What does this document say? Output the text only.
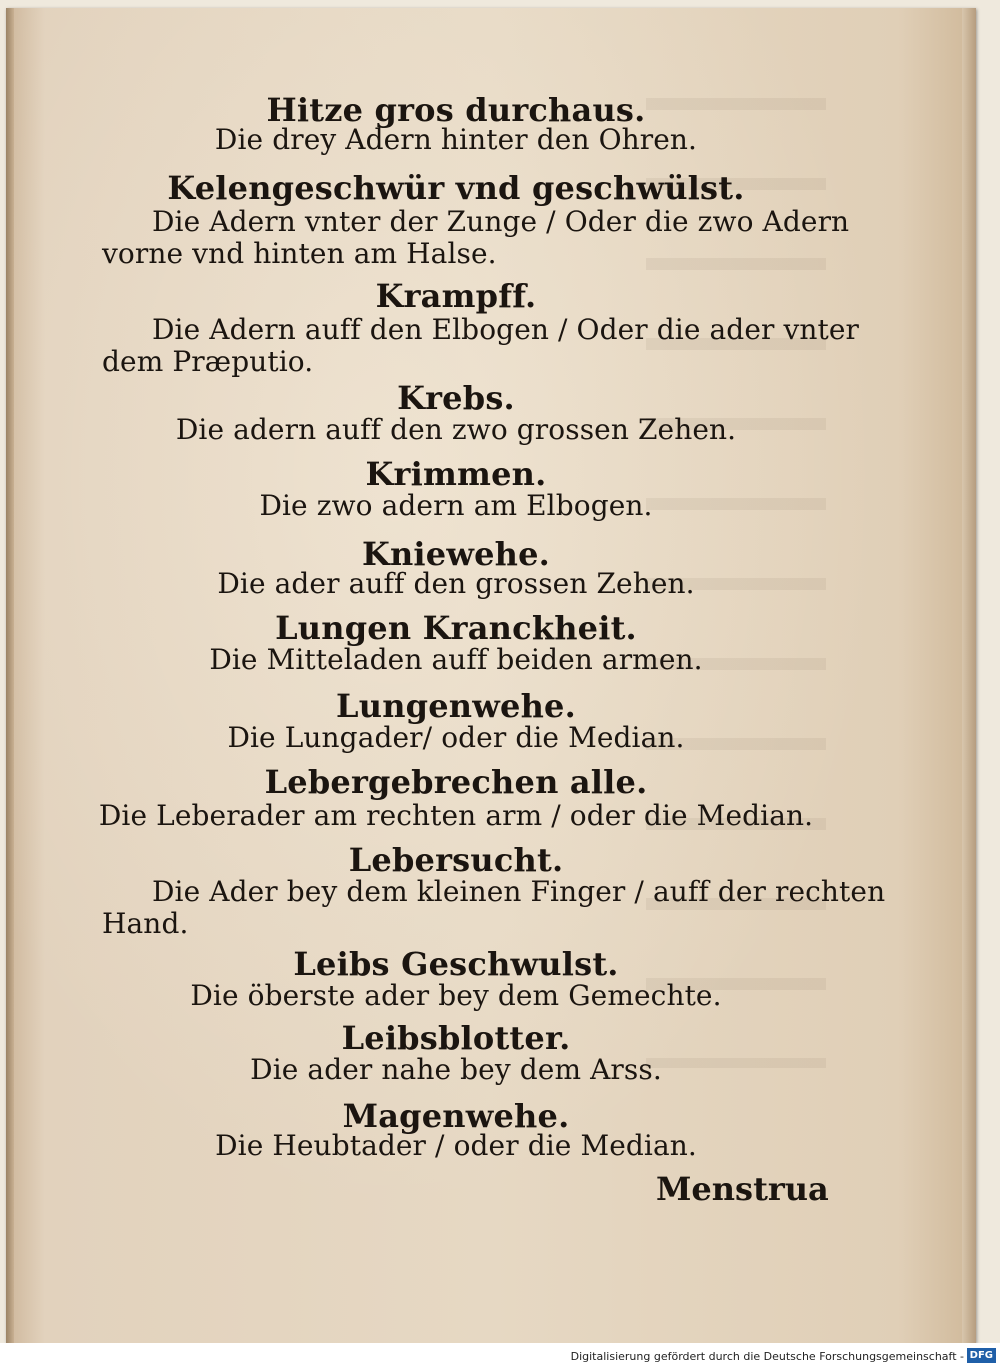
Hitze gros durchaus.
Die drey Adern hinter den Ohren.
Kelengeschwür vnd geschwülst.
Die Adern vnter der Zunge / Oder die zwo Adern
vorne vnd hinten am Halse.
Krampff.
Die Adern auff den Elbogen / Oder die ader vnter
dem Præputio.
Krebs.
Die adern auff den zwo grossen Zehen.
Krimmen.
Die zwo adern am Elbogen.
Kniewehe.
Die ader auff den grossen Zehen.
Lungen Kranckheit.
Die Mitteladen auff beiden armen.
Lungenwehe.
Die Lungader/ oder die Median.
Lebergebrechen alle.
Die Leberader am rechten arm / oder die Median.
Lebersucht.
Die Ader bey dem kleinen Finger / auff der rechten
Hand.
Leibs Geschwulst.
Die öberste ader bey dem Gemechte.
Leibsblotter.
Die ader nahe bey dem Arss.
Magenwehe.
Die Heubtader / oder die Median.
Menstrua
Digitalisierung gefördert durch die Deutsche Forschungsgemeinschaft - DFG
